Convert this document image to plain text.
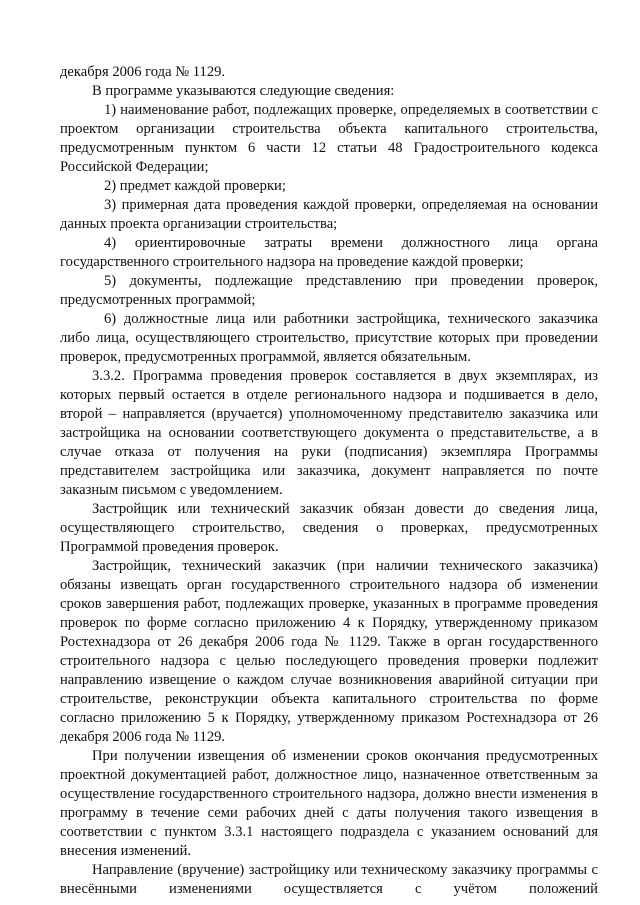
декабря 2006 года № 1129.

В программе указываются следующие сведения:

1) наименование работ, подлежащих проверке, определяемых в соответствии с проектом организации строительства объекта капитального строительства, предусмотренным пунктом 6 части 12 статьи 48 Градостроительного кодекса Российской Федерации;

2) предмет каждой проверки;

3) примерная дата проведения каждой проверки, определяемая на основании данных проекта организации строительства;

4) ориентировочные затраты времени должностного лица органа государственного строительного надзора на проведение каждой проверки;

5) документы, подлежащие представлению при проведении проверок, предусмотренных программой;

6) должностные лица или работники застройщика, технического заказчика либо лица, осуществляющего строительство, присутствие которых при проведении проверок, предусмотренных программой, является обязательным.

3.3.2. Программа проведения проверок составляется в двух экземплярах, из которых первый остается в отделе регионального надзора и подшивается в дело, второй – направляется (вручается) уполномоченному представителю заказчика или застройщика на основании соответствующего документа о представительстве, а в случае отказа от получения на руки (подписания) экземпляра Программы представителем застройщика или заказчика, документ направляется по почте заказным письмом с уведомлением.

Застройщик или технический заказчик обязан довести до сведения лица, осуществляющего строительство, сведения о проверках, предусмотренных Программой проведения проверок.

Застройщик, технический заказчик (при наличии технического заказчика) обязаны извещать орган государственного строительного надзора об изменении сроков завершения работ, подлежащих проверке, указанных в программе проведения проверок по форме согласно приложению 4 к Порядку, утвержденному приказом Ростехнадзора от 26 декабря 2006 года № 1129. Также в орган государственного строительного надзора с целью последующего проведения проверки подлежит направлению извещение о каждом случае возникновения аварийной ситуации при строительстве, реконструкции объекта капитального строительства по форме согласно приложению 5 к Порядку, утвержденному приказом Ростехнадзора от 26 декабря 2006 года № 1129.

При получении извещения об изменении сроков окончания предусмотренных проектной документацией работ, должностное лицо, назначенное ответственным за осуществление государственного строительного надзора, должно внести изменения в программу в течение семи рабочих дней с даты получения такого извещения в соответствии с пунктом 3.3.1 настоящего подраздела с указанием оснований для внесения изменений.

Направление (вручение) застройщику или техническому заказчику программы с внесёнными изменениями осуществляется с учётом положений
